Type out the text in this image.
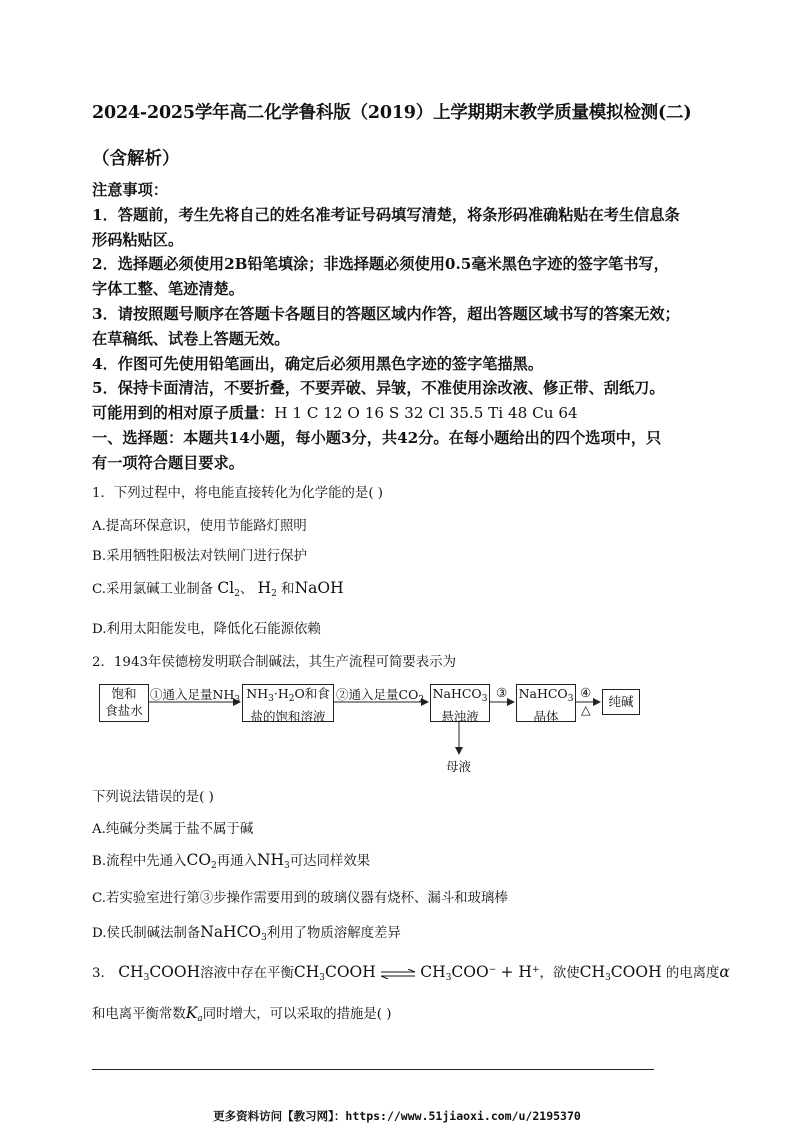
2024-2025学年高二化学鲁科版（2019）上学期期末教学质量模拟检测(二)
（含解析）
注意事项：
1．答题前，考生先将自己的姓名准考证号码填写清楚，将条形码准确粘贴在考生信息条
形码粘贴区。
2．选择题必须使用2B铅笔填涂；非选择题必须使用0.5毫米黑色字迹的签字笔书写，
字体工整、笔迹清楚。
3．请按照题号顺序在答题卡各题目的答题区域内作答，超出答题区域书写的答案无效；
在草稿纸、试卷上答题无效。
4．作图可先使用铅笔画出，确定后必须用黑色字迹的签字笔描黑。
5．保持卡面清洁，不要折叠，不要弄破、异皱，不准使用涂改液、修正带、刮纸刀。
可能用到的相对原子质量：H 1 C 12 O 16 S 32 Cl 35.5 Ti 48 Cu 64
一、选择题：本题共14小题，每小题3分，共42分。在每小题给出的四个选项中，只
有一项符合题目要求。
1．下列过程中，将电能直接转化为化学能的是( )
A.提高环保意识，使用节能路灯照明
B.采用牺牲阳极法对铁闸门进行保护
C.采用氯碱工业制备 $Cl_2$、 $H_2$ 和NaOH
D.利用太阳能发电，降低化石能源依赖
2．1943年侯德榜发明联合制碱法，其生产流程可简要表示为
饱和
食盐水
$NH_3\cdot H_2O$和食
盐的饱和溶液
NaHCO$_3$
悬浊液
NaHCO$_3$
晶体
纯碱
①通入足量$NH_3$	②通入足量$CO_2$	③	④
△
母液
下列说法错误的是( )
A.纯碱分类属于盐不属于碱
B.流程中先通入$CO_2$再通入$NH_3$可达同样效果
C.若实验室进行第③步操作需要用到的玻璃仪器有烧杯、漏斗和玻璃棒
D.侯氏制碱法制备NaHCO$_3$利用了物质溶解度差异
3． $CH_3COOH$溶液中存在平衡$CH_3COOH$ ⇌ $CH_3COO^- + H^+$，欲使$CH_3COOH$ 的电离度α
和电离平衡常数$K_a$同时增大，可以采取的措施是( )
更多资料访问【教习网】：https://www.51jiaoxi.com/u/2195370
